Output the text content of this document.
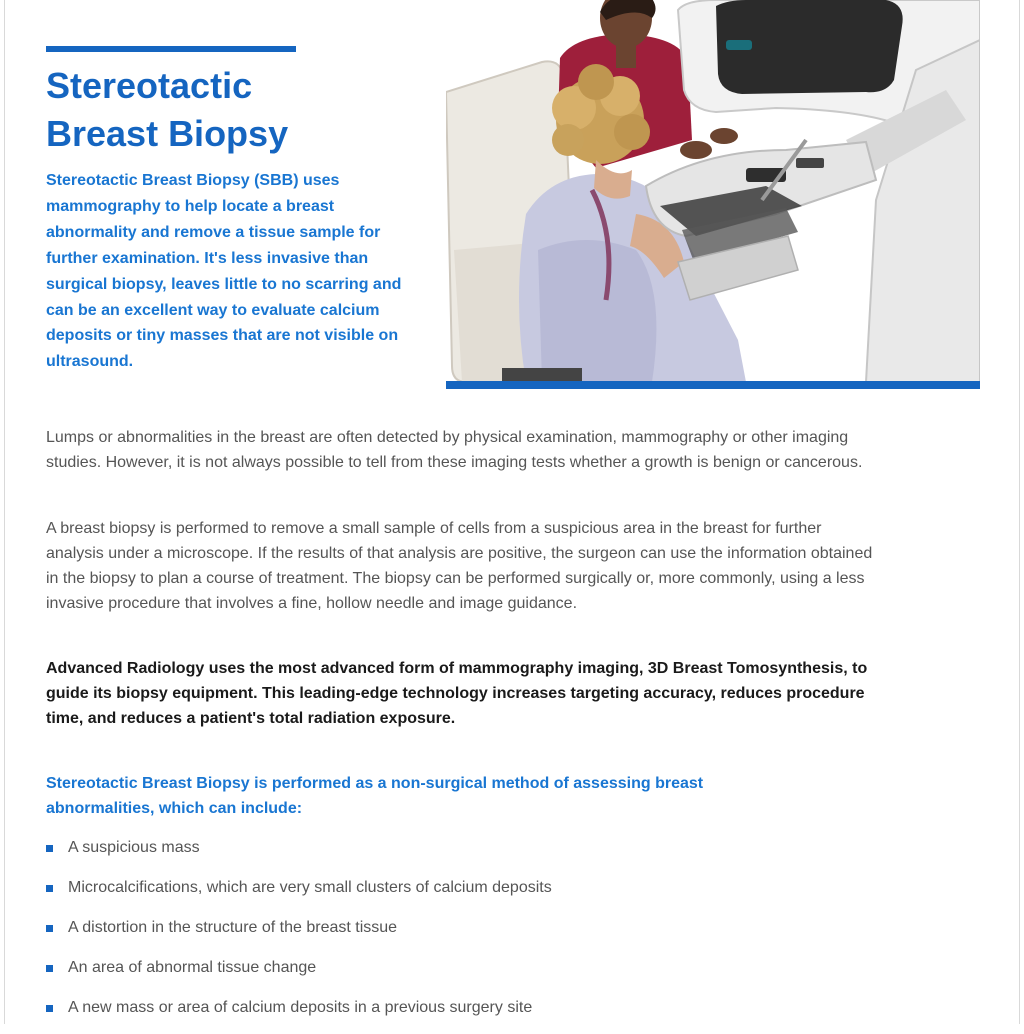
Stereotactic
Breast Biopsy

Stereotactic Breast Biopsy (SBB) uses mammography to help locate a breast abnormality and remove a tissue sample for further examination. It's less invasive than surgical biopsy, leaves little to no scarring and can be an excellent way to evaluate calcium deposits or tiny masses that are not visible on ultrasound.

Lumps or abnormalities in the breast are often detected by physical examination, mammography or other imaging studies. However, it is not always possible to tell from these imaging tests whether a growth is benign or cancerous.

A breast biopsy is performed to remove a small sample of cells from a suspicious area in the breast for further analysis under a microscope. If the results of that analysis are positive, the surgeon can use the information obtained in the biopsy to plan a course of treatment. The biopsy can be performed surgically or, more commonly, using a less invasive procedure that involves a fine, hollow needle and image guidance.

Advanced Radiology uses the most advanced form of mammography imaging, 3D Breast Tomosynthesis, to guide its biopsy equipment. This leading-edge technology increases targeting accuracy, reduces procedure time, and reduces a patient's total radiation exposure.

Stereotactic Breast Biopsy is performed as a non-surgical method of assessing breast abnormalities, which can include:

A suspicious mass
Microcalcifications, which are very small clusters of calcium deposits
A distortion in the structure of the breast tissue
An area of abnormal tissue change
A new mass or area of calcium deposits in a previous surgery site
